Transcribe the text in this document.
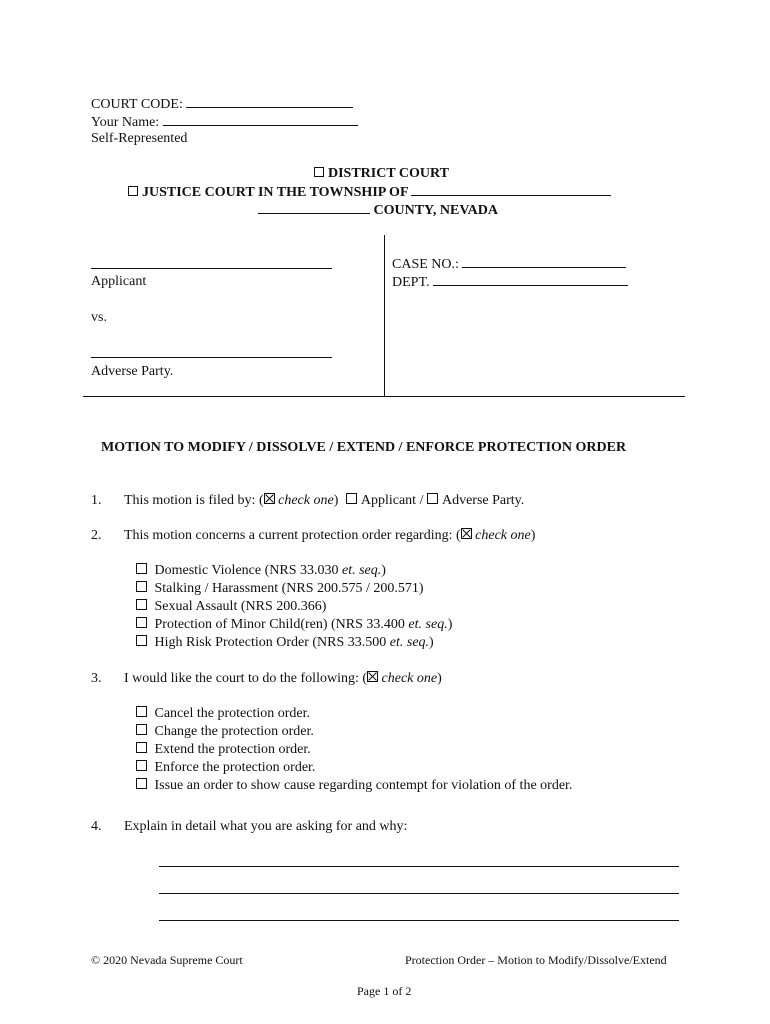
COURT CODE:
Your Name:
Self-Represented
DISTRICT COURT
JUSTICE COURT IN THE TOWNSHIP OF
COUNTY, NEVADA
Applicant
vs.
Adverse Party.
CASE NO.:
DEPT.
MOTION TO MODIFY / DISSOLVE / EXTEND / ENFORCE PROTECTION ORDER
1. This motion is filed by: ( check one) Applicant / Adverse Party.
2. This motion concerns a current protection order regarding: ( check one)
Domestic Violence (NRS 33.030 et. seq.)
Stalking / Harassment (NRS 200.575 / 200.571)
Sexual Assault (NRS 200.366)
Protection of Minor Child(ren) (NRS 33.400 et. seq.)
High Risk Protection Order (NRS 33.500 et. seq.)
3. I would like the court to do the following: ( check one)
Cancel the protection order.
Change the protection order.
Extend the protection order.
Enforce the protection order.
Issue an order to show cause regarding contempt for violation of the order.
4. Explain in detail what you are asking for and why:
© 2020 Nevada Supreme Court	Protection Order – Motion to Modify/Dissolve/Extend
Page 1 of 2
